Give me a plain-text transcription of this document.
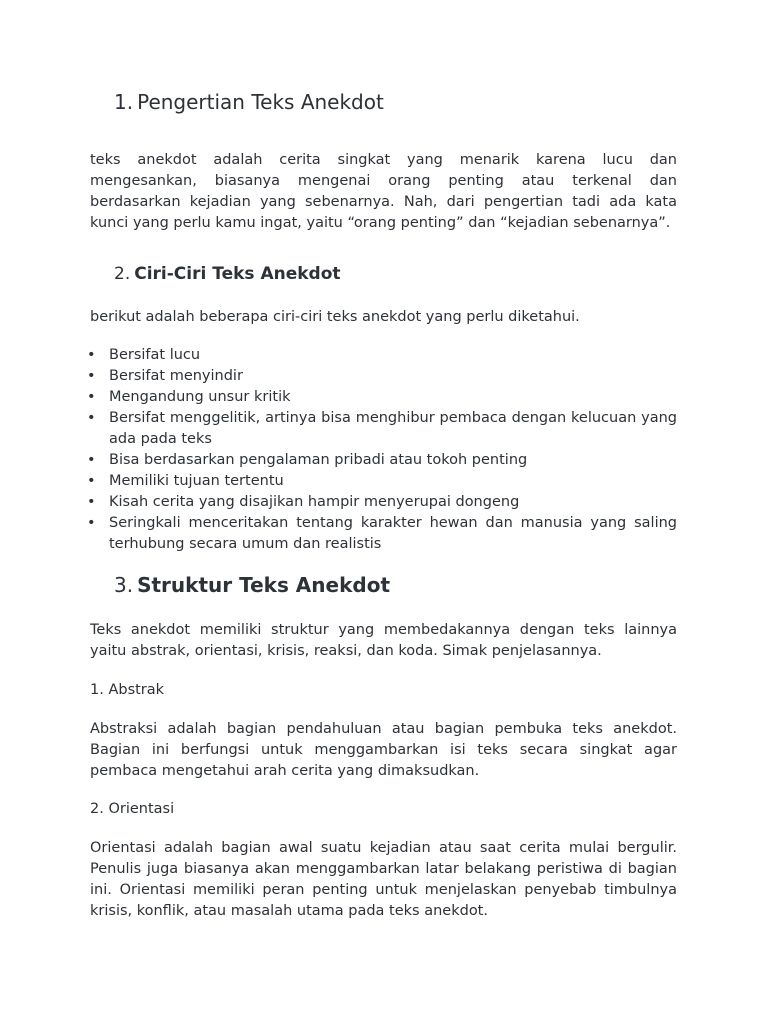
1. Pengertian Teks Anekdot

teks anekdot adalah cerita singkat yang menarik karena lucu dan mengesankan, biasanya mengenai orang penting atau terkenal dan berdasarkan kejadian yang sebenarnya. Nah, dari pengertian tadi ada kata kunci yang perlu kamu ingat, yaitu “orang penting” dan “kejadian sebenarnya”.

2. Ciri-Ciri Teks Anekdot

berikut adalah beberapa ciri-ciri teks anekdot yang perlu diketahui.

• Bersifat lucu
• Bersifat menyindir
• Mengandung unsur kritik
• Bersifat menggelitik, artinya bisa menghibur pembaca dengan kelucuan yang ada pada teks
• Bisa berdasarkan pengalaman pribadi atau tokoh penting
• Memiliki tujuan tertentu
• Kisah cerita yang disajikan hampir menyerupai dongeng
• Seringkali menceritakan tentang karakter hewan dan manusia yang saling terhubung secara umum dan realistis
3. Struktur Teks Anekdot

Teks anekdot memiliki struktur yang membedakannya dengan teks lainnya yaitu abstrak, orientasi, krisis, reaksi, dan koda. Simak penjelasannya.

1. Abstrak

Abstraksi adalah bagian pendahuluan atau bagian pembuka teks anekdot. Bagian ini berfungsi untuk menggambarkan isi teks secara singkat agar pembaca mengetahui arah cerita yang dimaksudkan.

2. Orientasi

Orientasi adalah bagian awal suatu kejadian atau saat cerita mulai bergulir. Penulis juga biasanya akan menggambarkan latar belakang peristiwa di bagian ini. Orientasi memiliki peran penting untuk menjelaskan penyebab timbulnya krisis, konflik, atau masalah utama pada teks anekdot.
